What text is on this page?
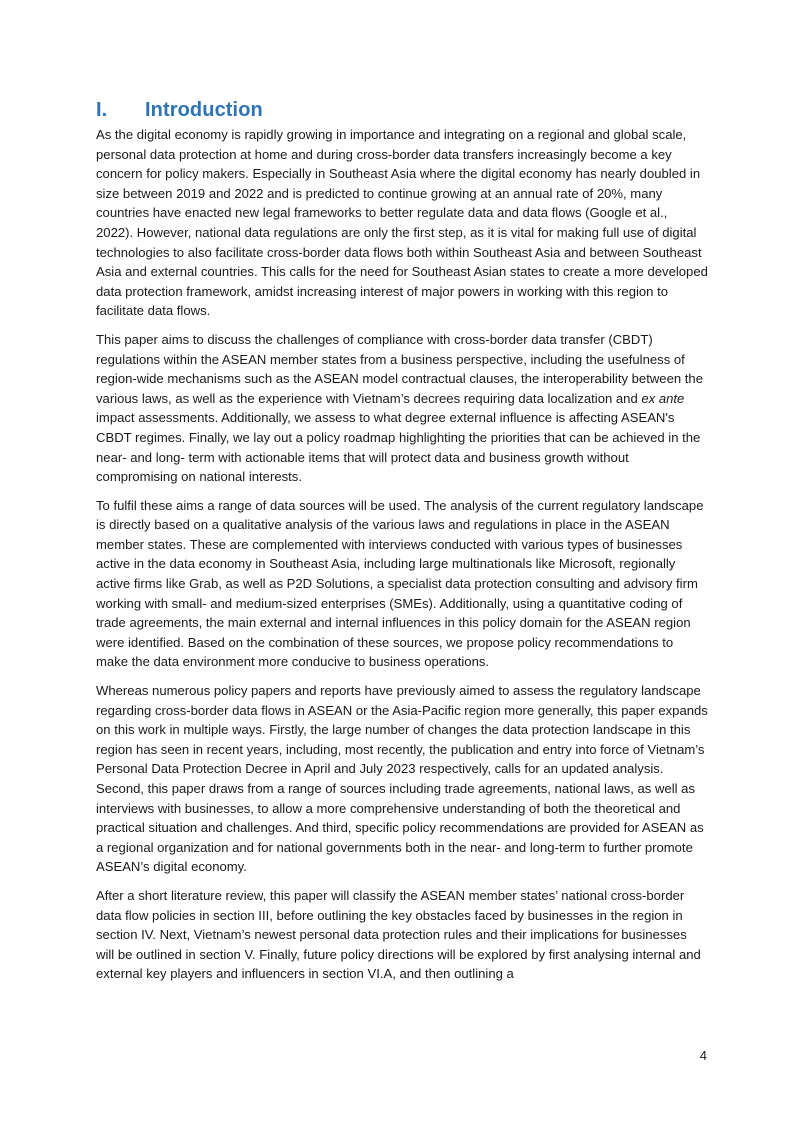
I.	Introduction

As the digital economy is rapidly growing in importance and integrating on a regional and global scale, personal data protection at home and during cross-border data transfers increasingly become a key concern for policy makers. Especially in Southeast Asia where the digital economy has nearly doubled in size between 2019 and 2022 and is predicted to continue growing at an annual rate of 20%, many countries have enacted new legal frameworks to better regulate data and data flows (Google et al., 2022). However, national data regulations are only the first step, as it is vital for making full use of digital technologies to also facilitate cross-border data flows both within Southeast Asia and between Southeast Asia and external countries. This calls for the need for Southeast Asian states to create a more developed data protection framework, amidst increasing interest of major powers in working with this region to facilitate data flows.

This paper aims to discuss the challenges of compliance with cross-border data transfer (CBDT) regulations within the ASEAN member states from a business perspective, including the usefulness of region-wide mechanisms such as the ASEAN model contractual clauses, the interoperability between the various laws, as well as the experience with Vietnam’s decrees requiring data localization and ex ante impact assessments. Additionally, we assess to what degree external influence is affecting ASEAN's CBDT regimes. Finally, we lay out a policy roadmap highlighting the priorities that can be achieved in the near- and long- term with actionable items that will protect data and business growth without compromising on national interests.

To fulfil these aims a range of data sources will be used. The analysis of the current regulatory landscape is directly based on a qualitative analysis of the various laws and regulations in place in the ASEAN member states. These are complemented with interviews conducted with various types of businesses active in the data economy in Southeast Asia, including large multinationals like Microsoft, regionally active firms like Grab, as well as P2D Solutions, a specialist data protection consulting and advisory firm working with small- and medium-sized enterprises (SMEs). Additionally, using a quantitative coding of trade agreements, the main external and internal influences in this policy domain for the ASEAN region were identified. Based on the combination of these sources, we propose policy recommendations to make the data environment more conducive to business operations.

Whereas numerous policy papers and reports have previously aimed to assess the regulatory landscape regarding cross-border data flows in ASEAN or the Asia-Pacific region more generally, this paper expands on this work in multiple ways. Firstly, the large number of changes the data protection landscape in this region has seen in recent years, including, most recently, the publication and entry into force of Vietnam’s Personal Data Protection Decree in April and July 2023 respectively, calls for an updated analysis. Second, this paper draws from a range of sources including trade agreements, national laws, as well as interviews with businesses, to allow a more comprehensive understanding of both the theoretical and practical situation and challenges. And third, specific policy recommendations are provided for ASEAN as a regional organization and for national governments both in the near- and long-term to further promote ASEAN’s digital economy.

After a short literature review, this paper will classify the ASEAN member states’ national cross-border data flow policies in section III, before outlining the key obstacles faced by businesses in the region in section IV. Next, Vietnam’s newest personal data protection rules and their implications for businesses will be outlined in section V. Finally, future policy directions will be explored by first analysing internal and external key players and influencers in section VI.A, and then outlining a

4
